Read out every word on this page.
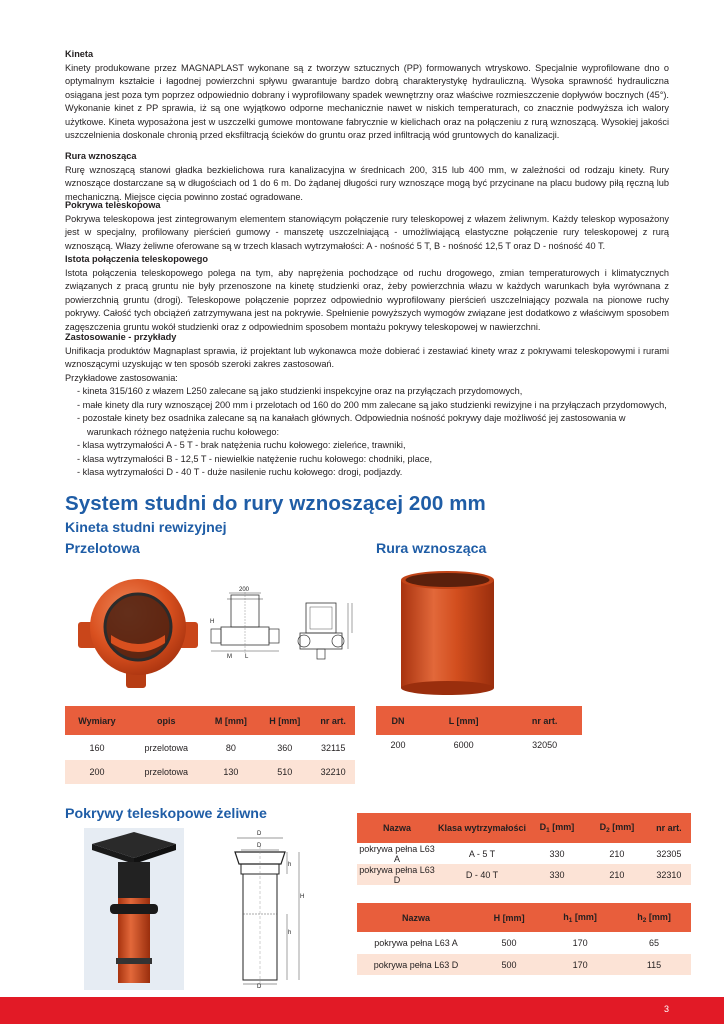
Kineta

Kinety produkowane przez MAGNAPLAST wykonane są z tworzyw sztucznych (PP) formowanych wtryskowo. Specjalnie wyprofilowane dno o optymalnym kształcie i łagodnej powierzchni spływu gwarantuje bardzo dobrą charakterystykę hydrauliczną. Wysoka sprawność hydraulicznа osiągana jest poza tym poprzez odpowiednio dobrany i wyprofilowany spadek wewnętrzny oraz właściwe rozmieszczenie dopływów bocznych (45°). Wykonanie kinet z PP sprawia, iż są one wyjątkowo odporne mechanicznie nawet w niskich temperaturach, co znacznie podwyższa ich walory użytkowe. Kineta wyposażona jest w uszczelki gumowe montowane fabrycznie w kielichach oraz na połączeniu z rurą wznoszącą. Wysokiej jakości uszczelnienia doskonale chronią przed eksfiltracją ścieków do gruntu oraz przed infiltracją wód gruntowych do kanalizacji.

Rura wznosząca

Rurę wznoszącą stanowi gładka bezkielichowa rura kanalizacyjna w średnicach 200, 315 lub 400 mm, w zależności od rodzaju kinety. Rury wznoszące dostarczane są w długościach od 1 do 6 m. Do żądanej długości rury wznoszące mogą być przycinane na placu budowy piłą ręczną lub mechaniczną. Miejsce cięcia powinno zostać ogradowane.

Pokrywa teleskopowa

Pokrywa teleskopowa jest zintegrowanym elementem stanowiącym połączenie rury teleskopowej z włazem żeliwnym. Każdy teleskop wyposażony jest w specjalny, profilowany pierścień gumowy - manszetę uszczelniającą - umożliwiającą elastyczne połączenie rury teleskopowej z rurą wznoszącą. Włazy żeliwne oferowane są w trzech klasach wytrzymałości: A - nośność 5 T, B - nośność 12,5 T oraz D - nośność 40 T.

Istota połączenia teleskopowego

Istota połączenia teleskopowego polega na tym, aby naprężenia pochodzące od ruchu drogowego, zmian temperaturowych i klimatycznych związanych z pracą gruntu nie były przenoszone na kinetę studzienki oraz, żeby powierzchnia włazu w każdych warunkach była wyrównana z powierzchnią gruntu (drogi). Teleskopowe połączenie poprzez odpowiednio wyprofilowany pierścień uszczelniający pozwala na pionowe ruchy pokrywy. Całość tych obciążeń zatrzymywana jest na pokrywie. Spełnienie powyższych wymogów związane jest dodatkowo z właściwym sposobem zagęszczenia gruntu wokół studzienki oraz z odpowiednim sposobem montażu pokrywy teleskopowej w nawierzchni.

Zastosowanie - przykłady

Unifikacja produktów Magnaplast sprawia, iż projektant lub wykonawca może dobierać i zestawiać kinety wraz z pokrywami teleskopowymi i rurami wznoszącymi uzyskując w ten sposób szeroki zakres zastosowań.

Przykładowe zastosowania:

- kineta 315/160 z włazem L250 zalecane są jako studzienki inspekcyjne oraz na przyłączach przydomowych,
- małe kinety dla rury wznoszącej 200 mm i przelotach od 160 do 200 mm zalecane są jako studzienki rewizyjne i na przyłączach przydomowych,
- pozostałe kinety bez osadnika zalecane są na kanałach głównych. Odpowiednia nośność pokrywy daje możliwość jej zastosowania w warunkach różnego natężenia ruchu kołowego:
- klasa wytrzymałości A - 5 T - brak natężenia ruchu kołowego: zieleńce, trawniki,
- klasa wytrzymałości B - 12,5 T - niewielkie natężenie ruchu kołowego: chodniki, place,
- klasa wytrzymałości D - 40 T - duże nasilenie ruchu kołowego: drogi, podjazdy.
System studni do rury wznoszącej 200 mm
Kineta studni rewizyjnej
Przelotowa	Rura wznosząca
Pokrywy teleskopowe żeliwne
200
M L
H
Wymiary	opis	M [mm]	H [mm]	nr art.
160	przelotowa	80	360	32115
200	przelotowa	130	510	32210
DN	L [mm]	nr art.
200	6000	32050
D
D
h
H
h
D
Nazwa	Klasa wytrzymałości	$D_1$ [mm]	$D_2$ [mm]	nr art.
pokrywa pełna L63 A	A - 5 T	330	210	32305
pokrywa pełna L63 D	D - 40 T	330	210	32310
Nazwa	H [mm]	$h_1$ [mm]	$h_2$ [mm]
pokrywa pełna L63 A	500	170	65
pokrywa pełna L63 D	500	170	115
3
